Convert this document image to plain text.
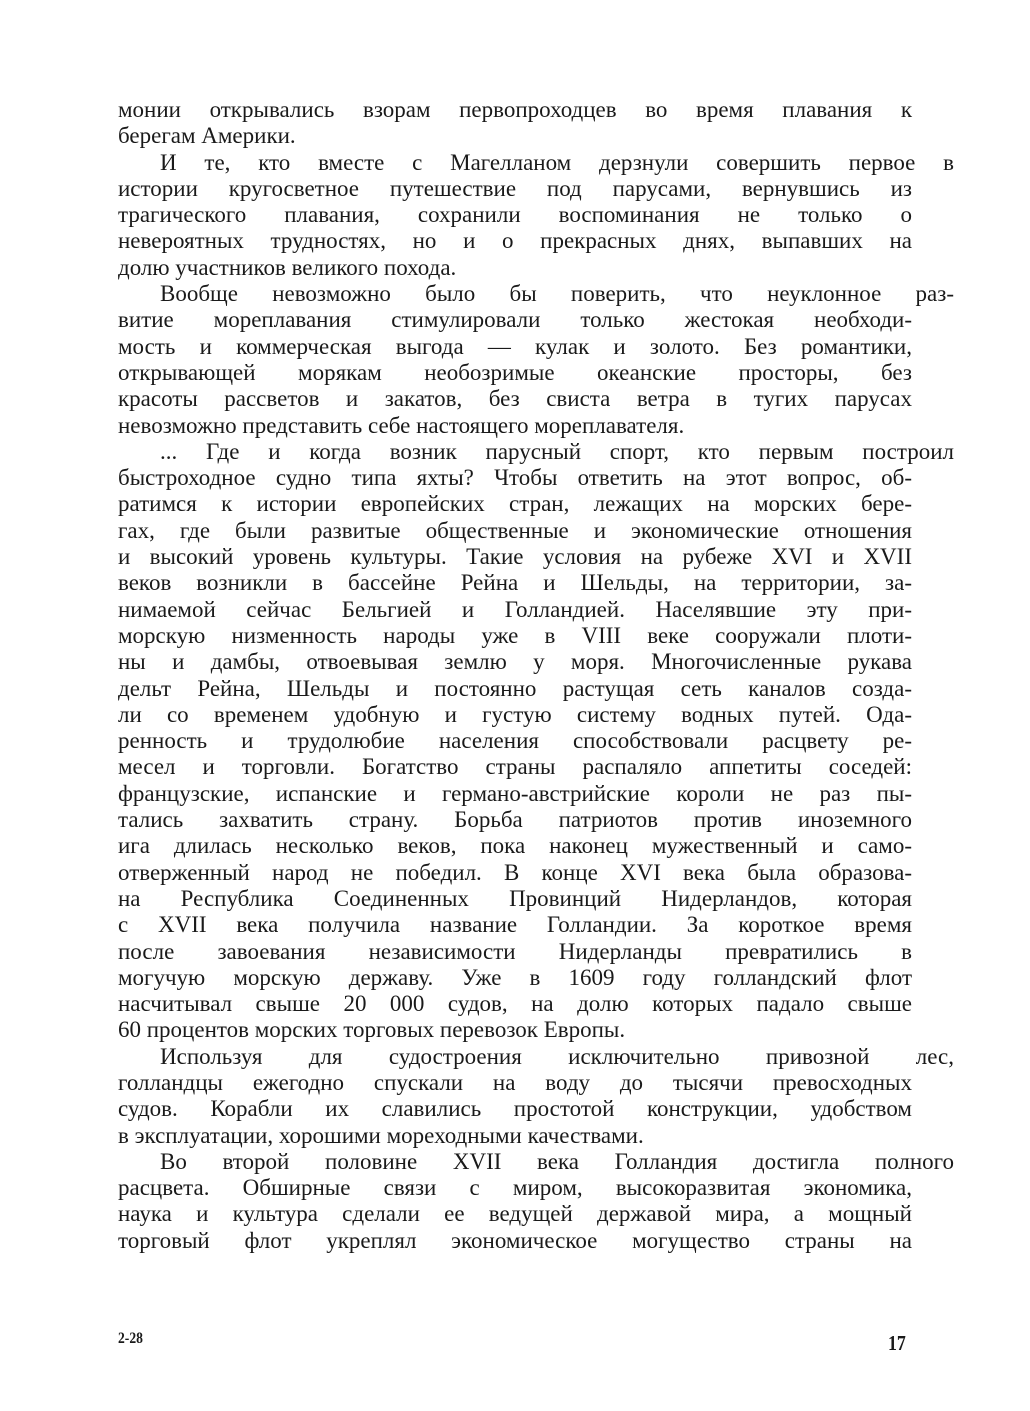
монии открывались взорам первопроходцев во время плавания к
берегам Америки.
И те, кто вместе с Магелланом дерзнули совершить первое в
истории кругосветное путешествие под парусами, вернувшись из
трагического плавания, сохранили воспоминания не только о
невероятных трудностях, но и о прекрасных днях, выпавших на
долю участников великого похода.
Вообще невозможно было бы поверить, что неуклонное раз-
витие мореплавания стимулировали только жестокая необходи-
мость и коммерческая выгода — кулак и золото. Без романтики,
открывающей морякам необозримые океанские просторы, без
красоты рассветов и закатов, без свиста ветра в тугих парусах
невозможно представить себе настоящего мореплавателя.
... Где и когда возник парусный спорт, кто первым построил
быстроходное судно типа яхты? Чтобы ответить на этот вопрос, об-
ратимся к истории европейских стран, лежащих на морских бере-
гах, где были развитые общественные и экономические отношения
и высокий уровень культуры. Такие условия на рубеже XVI и XVII
веков возникли в бассейне Рейна и Шельды, на территории, за-
нимаемой сейчас Бельгией и Голландией. Населявшие эту при-
морскую низменность народы уже в VIII веке сооружали плоти-
ны и дамбы, отвоевывая землю у моря. Многочисленные рукава
дельт Рейна, Шельды и постоянно растущая сеть каналов созда-
ли со временем удобную и густую систему водных путей. Ода-
ренность и трудолюбие населения способствовали расцвету ре-
месел и торговли. Богатство страны распаляло аппетиты соседей:
французские, испанские и германо-австрийские короли не раз пы-
тались захватить страну. Борьба патриотов против иноземного
ига длилась несколько веков, пока наконец мужественный и само-
отверженный народ не победил. В конце XVI века была образова-
на Республика Соединенных Провинций Нидерландов, которая
с XVII века получила название Голландии. За короткое время
после завоевания независимости Нидерланды превратились в
могучую морскую державу. Уже в 1609 году голландский флот
насчитывал свыше 20 000 судов, на долю которых падало свыше
60 процентов морских торговых перевозок Европы.
Используя для судостроения исключительно привозной лес,
голландцы ежегодно спускали на воду до тысячи превосходных
судов. Корабли их славились простотой конструкции, удобством
в эксплуатации, хорошими мореходными качествами.
Во второй половине XVII века Голландия достигла полного
расцвета. Обширные связи с миром, высокоразвитая экономика,
наука и культура сделали ее ведущей державой мира, а мощный
торговый флот укреплял экономическое могущество страны на
2-28	17
